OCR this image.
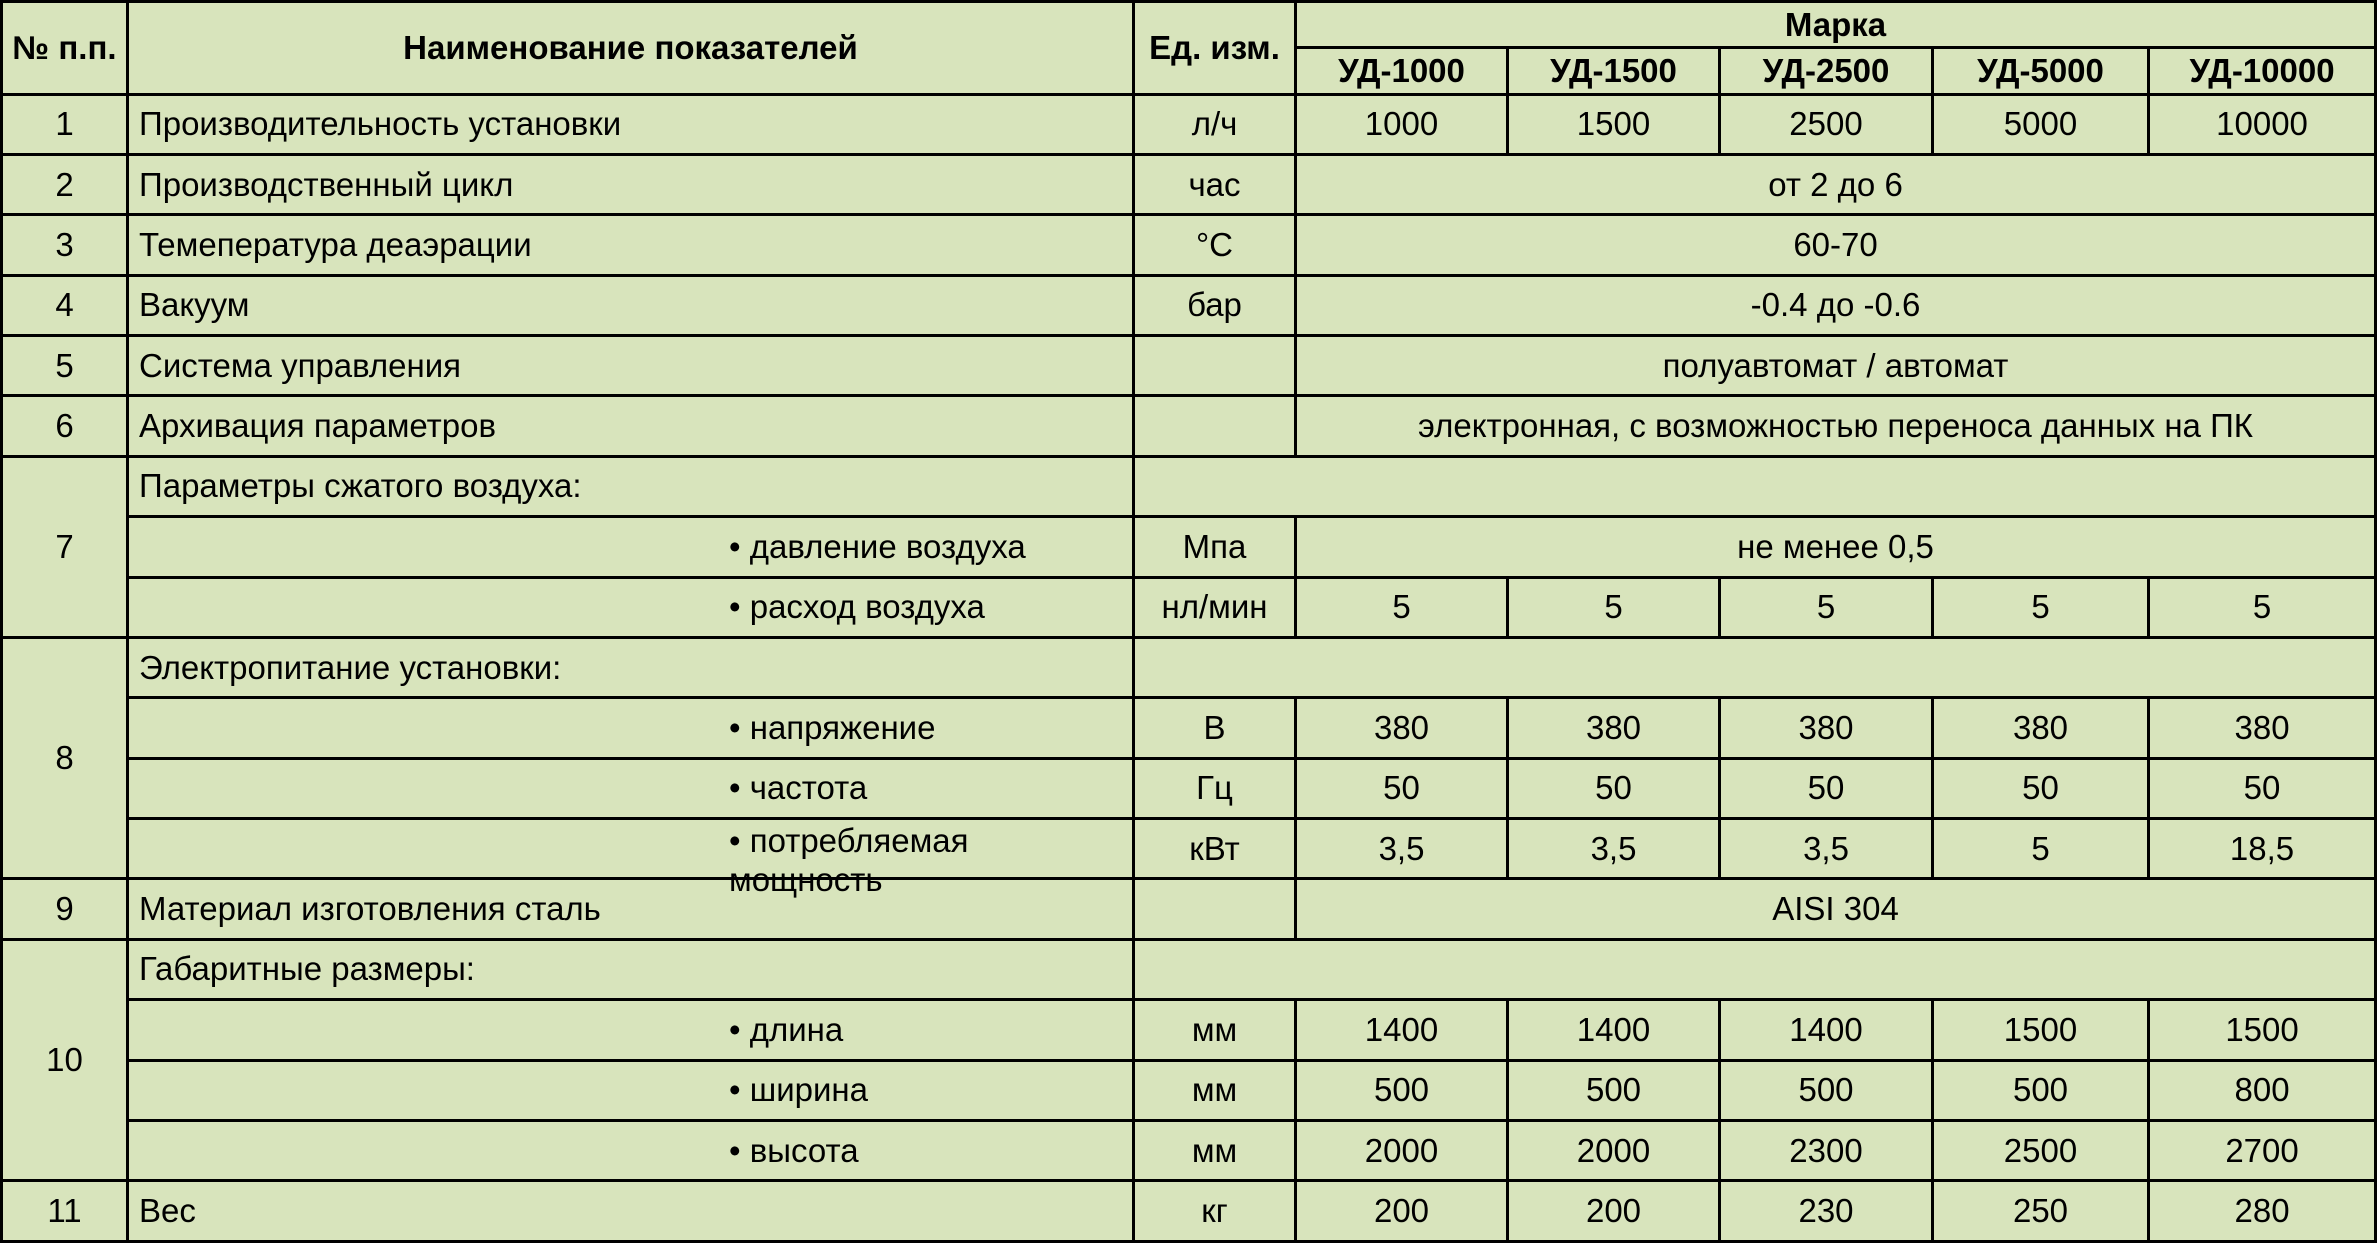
№ п.п.	Наименование показателей	Ед. изм.	Марка				
			УД-1000	УД-1500	УД-2500	УД-5000	УД-10000
1	Производительность установки	л/ч	1000	1500	2500	5000	10000
2	Производственный цикл	час	от 2 до 6				
3	Темепература деаэрации	°C	60-70				
4	Вакуум	бар	-0.4 до -0.6				
5	Система управления		полуавтомат / автомат				
6	Архивация параметров		электронная, с возможностью переноса данных на ПК				
7	Параметры сжатого воздуха:						
	• давление воздуха	Мпа	не менее 0,5				
	• расход воздуха	нл/мин	5	5	5	5	5
8	Электропитание установки:						
	• напряжение	В	380	380	380	380	380
	• частота	Гц	50	50	50	50	50

	• потребляемая мощность	кВт	3,5	3,5	3,5	5	18,5
9	Материал изготовления сталь		AISI 304				
10	Габаритные размеры:						
	• длина	мм	1400	1400	1400	1500	1500
	• ширина	мм	500	500	500	500	800
	• высота	мм	2000	2000	2300	2500	2700
11	Вес	кг	200	200	230	250	280
